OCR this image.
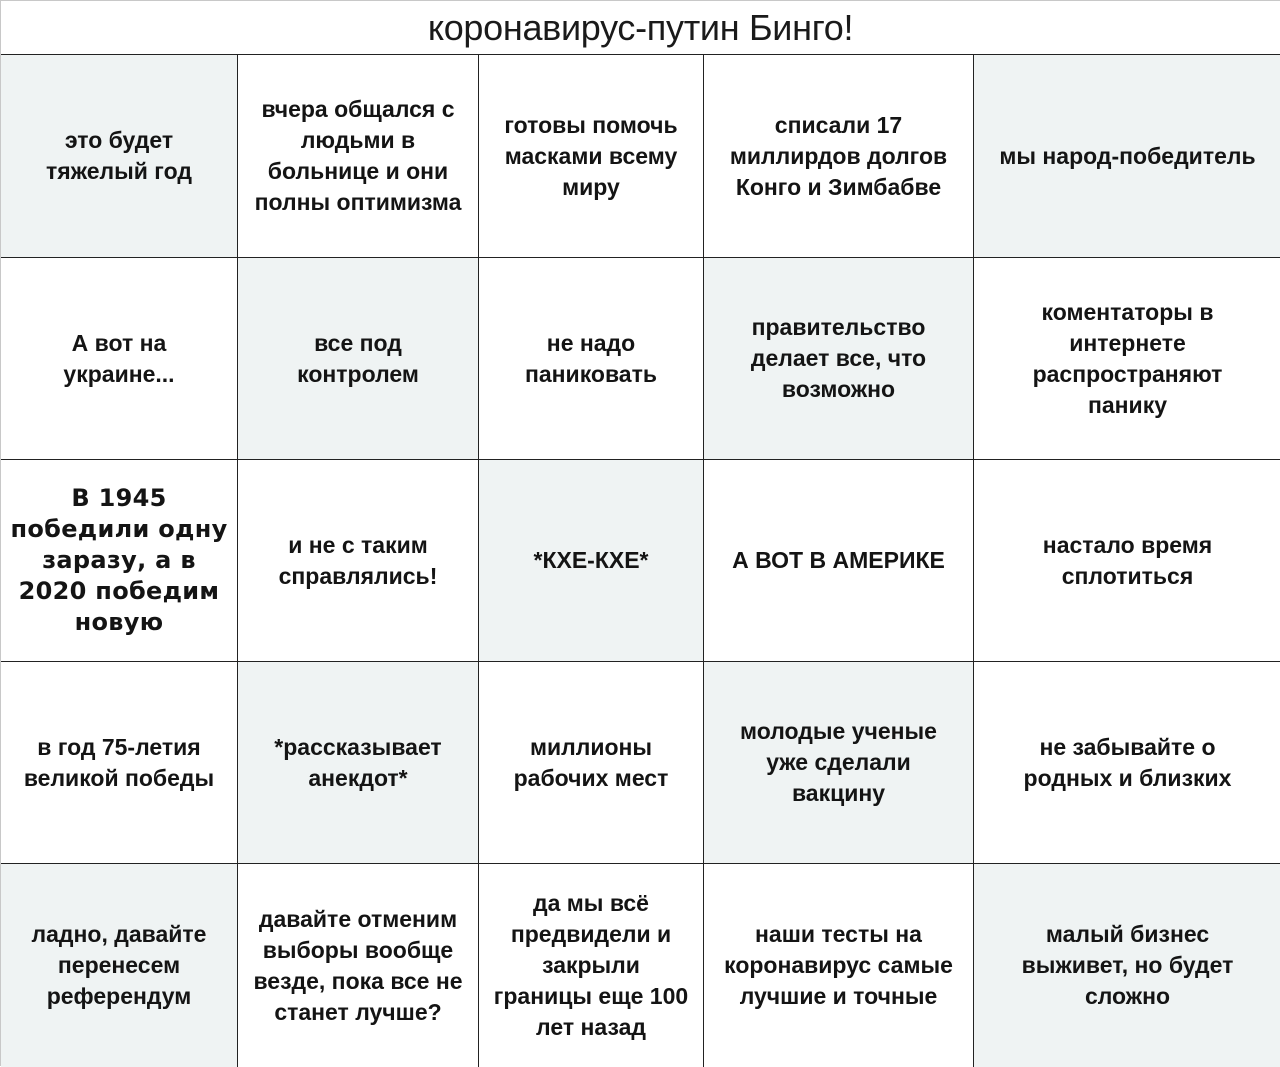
коронавирус-путин Бинго!
это будет тяжелый год
вчера общался с людьми в больнице и они полны оптимизма
готовы помочь масками всему миру
списали 17 миллирдов долгов Конго и Зимбабве
мы народ-победитель
А вот на украине...
все под контролем
не надо паниковать
правительство делает все, что возможно
коментаторы в интернете распространяют панику
В 1945 победили одну заразу, а в 2020 победим новую
и не с таким справлялись!
*КХЕ-КХЕ*	А ВОТ В АМЕРИКЕ
настало время сплотиться
в год 75-летия великой победы
*рассказывает анекдот*
миллионы рабочих мест
молодые ученые уже сделали вакцину
не забывайте о родных и близких
ладно, давайте перенесем референдум
давайте отменим выборы вообще везде, пока все не станет лучше?
да мы всё предвидели и закрыли границы еще 100 лет назад
наши тесты на коронавирус самые лучшие и точные
малый бизнес выживет, но будет сложно
